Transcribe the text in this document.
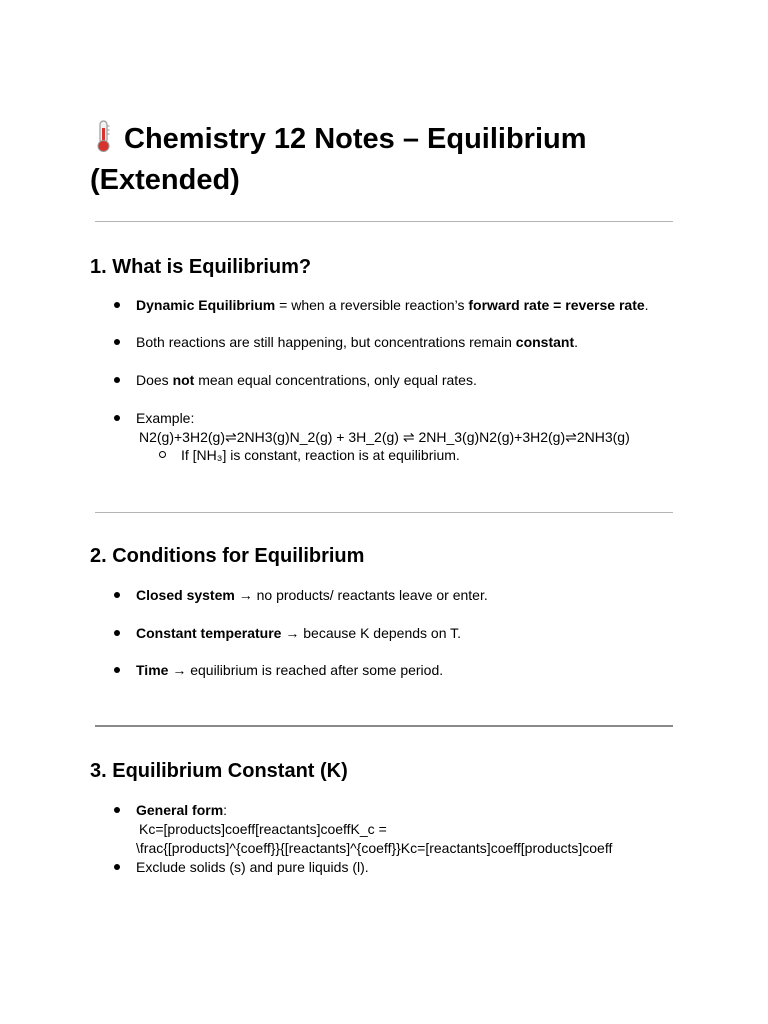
Chemistry 12 Notes – Equilibrium (Extended)
1. What is Equilibrium?
Dynamic Equilibrium = when a reversible reaction’s forward rate = reverse rate.
Both reactions are still happening, but concentrations remain constant.
Does not mean equal concentrations, only equal rates.
Example:
N2(g)+3H2(g)⇌2NH3(g)N_2(g) + 3H_2(g) ⇌ 2NH_3(g)N2(g)+3H2(g)⇌2NH3(g)
If [NH₃] is constant, reaction is at equilibrium.
2. Conditions for Equilibrium
Closed system → no products/ reactants leave or enter.
Constant temperature → because K depends on T.
Time → equilibrium is reached after some period.
3. Equilibrium Constant (K)
General form:
Kc=[products]coeff[reactants]coeffK_c =
\frac{[products]^{coeff}}{[reactants]^{coeff}}Kc=[reactants]coeff[products]coeff
Exclude solids (s) and pure liquids (l).
